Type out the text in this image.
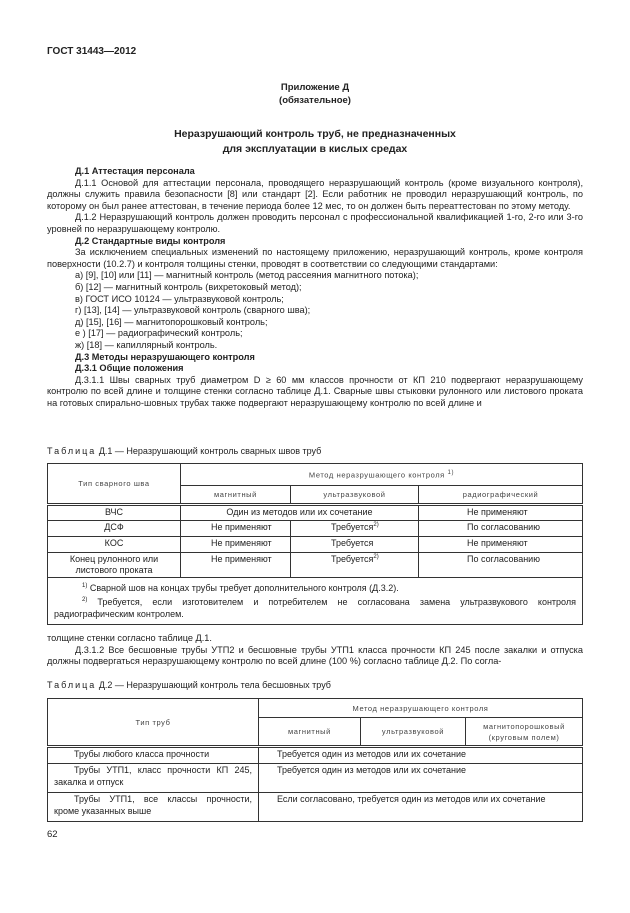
ГОСТ 31443—2012
Приложение Д
(обязательное)
Неразрушающий контроль труб, не предназначенных
для эксплуатации в кислых средах

Д.1 Аттестация персонала

Д.1.1 Основой для аттестации персонала, проводящего неразрушающий контроль (кроме визуального контроля), должны служить правила безопасности [8] или стандарт [2]. Если работник не проводил неразрушающий контроль, по которому он был ранее аттестован, в течение периода более 12 мес, то он должен быть переаттестован по этому методу.

Д.1.2 Неразрушающий контроль должен проводить персонал с профессиональной квалификацией 1-го, 2-го или 3-го уровней по неразрушающему контролю.

Д.2 Стандартные виды контроля

За исключением специальных изменений по настоящему приложению, неразрушающий контроль, кроме контроля поверхности (10.2.7) и контроля толщины стенки, проводят в соответствии со следующими стандартами:

а) [9], [10] или [11] — магнитный контроль (метод рассеяния магнитного потока);

б) [12] — магнитный контроль (вихретоковый метод);

в) ГОСТ ИСО 10124 — ультразвуковой контроль;

г) [13], [14] — ультразвуковой контроль (сварного шва);

д) [15], [16] — магнитопорошковый контроль;

е ) [17] — радиографический контроль;

ж) [18] — капиллярный контроль.

Д.3 Методы неразрушающего контроля

Д.3.1 Общие положения

Д.3.1.1 Швы сварных труб диаметром D ≥ 60 мм классов прочности от КП 210 подвергают неразрушающему контролю по всей длине и толщине стенки согласно таблице Д.1. Сварные швы стыковки рулонного или листового проката на готовых спирально-шовных трубах также подвергают неразрушающему контролю по всей длине и

Таблица Д.1 — Неразрушающий контроль сварных швов труб
Тип сварного шва	Метод неразрушающего контроля $^{1)}$
	магнитный	ультразвуковой	радиографический
ВЧС	Один из методов или их сочетание		Не применяют
ДСФ	Не применяют	Требуется$^{2)}$	По согласованию
КОС	Не применяют	Требуется	Не применяют
Конец рулонного или листового проката	Не применяют	Требуется$^{2)}$	По согласованию

$^{1)}$ Сварной шов на концах трубы требует дополнительного контроля (Д.3.2).

$^{2)}$ Требуется, если изготовителем и потребителем не согласована замена ультразвукового контроля радиографическим контролем.			

толщине стенки согласно таблице Д.1.

Д.3.1.2 Все бесшовные трубы УТП2 и бесшовные трубы УТП1 класса прочности КП 245 после закалки и отпуска должны подвергаться неразрушающему контролю по всей длине (100 %) согласно таблице Д.2. По согла-

Таблица Д.2 — Неразрушающий контроль тела бесшовных труб
Тип труб	Метод неразрушающего контроля		
	магнитный	ультразвуковой	магнитопорошковый (круговым полем)
Трубы любого класса прочности	Требуется один из методов или их сочетание		
Трубы УТП1, класс прочности КП 245, закалка и отпуск	Требуется один из методов или их сочетание		
Трубы УТП1, все классы прочности, кроме указанных выше	Если согласовано, требуется один из методов или их сочетание		
62
